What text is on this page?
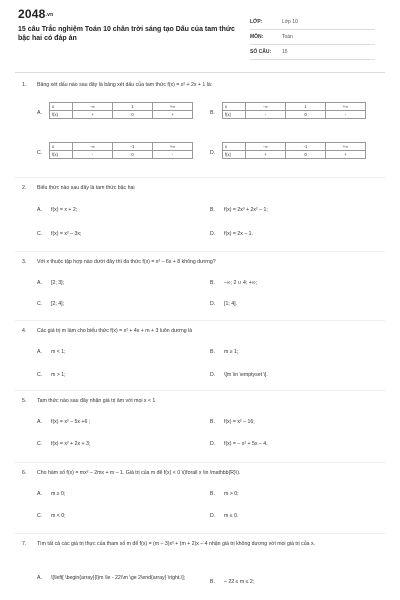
2048.vn
15 câu Trắc nghiệm Toán 10 chân trời sáng tạo Dấu của tam thức bậc hai có đáp án
LỚP:	Lớp 10
MÔN:	Toán
SỐ CÂU:	15
1. Bảng xét dấu nào sau đây là bảng xét dấu của tam thức f(x) = x² + 2x + 1 là:
A.
x	-∞	1	+∞
f(x)	+	0	+	B.
x	-∞	1	+∞
f(x)	-	0	-
C.
x	-∞	-1	+∞
f(x)	-	0	-	D.
x	-∞	-1	+∞
f(x)	+	0	+
2. Biểu thức nào sau đây là tam thức bậc hai
A. f(x) = x + 2;	B. f(x) = 2x³ + 2x² – 1;
C. f(x) = x² – 3x;	D. f(x) = 2x – 1.
3. Với x thuộc tập hợp nào dưới đây thì đa thức f(x) = x² – 6x + 8 không dương?
A. [2; 3];	B. –∞; 2 ∪ 4; +∞;
C. [2; 4];	D. [1; 4].
4. Các giá trị m làm cho biểu thức f(x) = x² + 4x + m + 3 luôn dương là
A. m < 1;	B. m ≥ 1;
C. m > 1;	D. \[m \in \emptyset \].
5. Tam thức nào sau đây nhận giá trị âm với mọi x < 1
A. f(x) = x² – 5x +6 ;	B. f(x) = x² – 16;
C. f(x) = x² + 2x + 3;	D. f(x) = – x² + 5x – 4.
6. Cho hàm số f(x) = mx² – 2mx + m – 1. Giá trị của m để f(x) < 0 \(\forall x \in \mathbb{R}\).
A. m ≥ 0;	B. m > 0;
C. m < 0;	D. m ≤ 0.
7. Tìm tất cả các giá trị thực của tham số m để f(x) = (m – 3)x² + (m + 2)x – 4 nhận giá trị không dương với mọi giá trị của x.
A. \[\left[ \begin{array}{l}m \le - 22\\m \ge 2\end{array} \right.\];
B. – 22 ≤ m ≤ 2;
